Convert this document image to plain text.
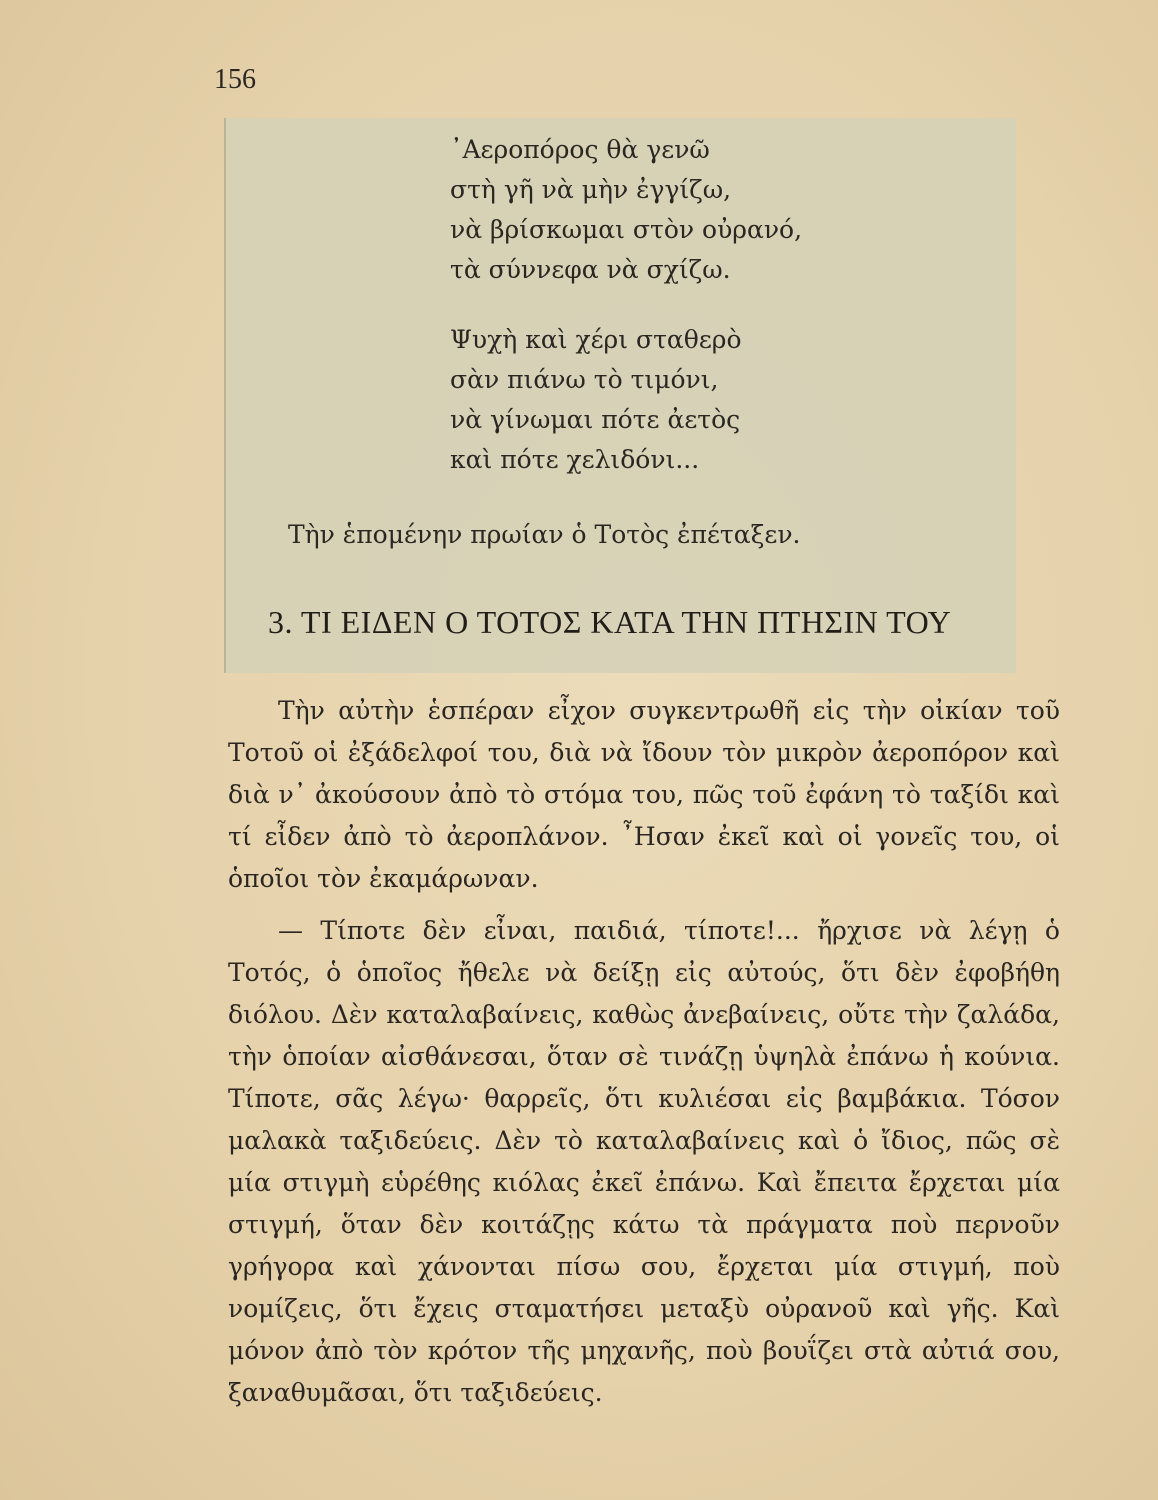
156
᾿Αεροπόρος θὰ γενῶ
στὴ γῆ νὰ μὴν ἐγγίζω,
νὰ βρίσκωμαι στὸν οὐρανό,
τὰ σύννεφα νὰ σχίζω.
Ψυχὴ καὶ χέρι σταθερὸ
σὰν πιάνω τὸ τιμόνι,
νὰ γίνωμαι πότε ἀετὸς
καὶ πότε χελιδόνι...
Τὴν ἑπομένην πρωίαν ὁ Τοτὸς ἐπέταξεν.
3. ΤΙ ΕΙΔΕΝ Ο ΤΟΤΟΣ ΚΑΤΑ ΤΗΝ ΠΤΗΣΙΝ ΤΟΥ

Τὴν αὐτὴν ἑσπέραν εἶχον συγκεντρωθῆ εἰς τὴν οἰκίαν τοῦ Τοτοῦ οἱ ἐξάδελφοί του, διὰ νὰ ἴδουν τὸν μικρὸν ἀεροπόρον καὶ διὰ ν᾿ ἀκούσουν ἀπὸ τὸ στόμα του, πῶς τοῦ ἐφάνη τὸ ταξίδι καὶ τί εἶδεν ἀπὸ τὸ ἀεροπλάνον. ῏Ησαν ἐκεῖ καὶ οἱ γονεῖς του, οἱ ὁποῖοι τὸν ἐκαμάρωναν.

— Τίποτε δὲν εἶναι, παιδιά, τίποτε!... ἤρχισε νὰ λέγῃ ὁ Τοτός, ὁ ὁποῖος ἤθελε νὰ δείξῃ εἰς αὐτούς, ὅτι δὲν ἐφοβήθη διόλου. Δὲν καταλαβαίνεις, καθὼς ἀνεβαίνεις, οὔτε τὴν ζαλάδα, τὴν ὁποίαν αἰσθάνεσαι, ὅταν σὲ τινάζῃ ὑψηλὰ ἐπάνω ἡ κούνια. Τίποτε, σᾶς λέγω· θαρρεῖς, ὅτι κυλιέσαι εἰς βαμβάκια. Τόσον μαλακὰ ταξιδεύεις. Δὲν τὸ καταλαβαίνεις καὶ ὁ ἴδιος, πῶς σὲ μία στιγμὴ εὑρέθης κιόλας ἐκεῖ ἐπάνω. Καὶ ἔπειτα ἔρχεται μία στιγμή, ὅταν δὲν κοιτάζῃς κάτω τὰ πράγματα ποὺ περνοῦν γρήγορα καὶ χάνονται πίσω σου, ἔρχεται μία στιγμή, ποὺ νομίζεις, ὅτι ἔχεις σταματήσει μεταξὺ οὐρανοῦ καὶ γῆς. Καὶ μόνον ἀπὸ τὸν κρότον τῆς μηχανῆς, ποὺ βουΐζει στὰ αὐτιά σου, ξαναθυμᾶσαι, ὅτι ταξιδεύεις.
